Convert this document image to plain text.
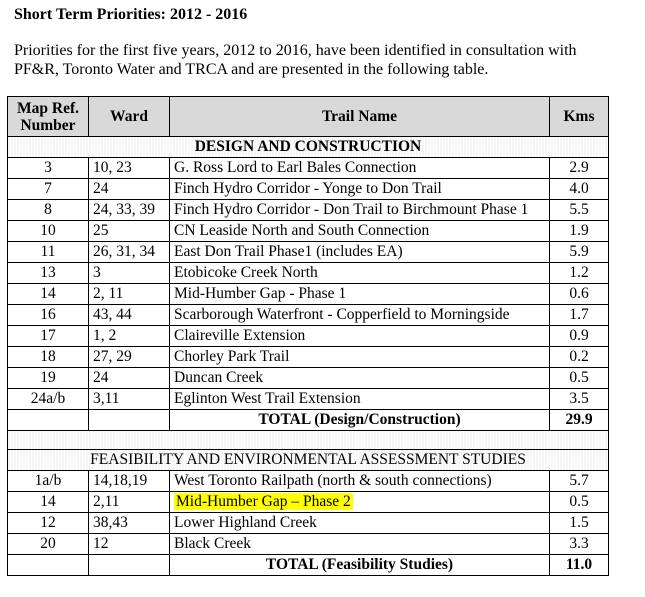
Short Term Priorities: 2012 - 2016
Priorities for the first five years, 2012 to 2016, have been identified in consultation with PF&R, Toronto Water and TRCA and are presented in the following table.
Map Ref. Number	Ward	Trail Name	Kms
DESIGN AND CONSTRUCTION			
3	10, 23	G. Ross Lord to Earl Bales Connection	2.9
7	24	Finch Hydro Corridor - Yonge to Don Trail	4.0
8	24, 33, 39	Finch Hydro Corridor - Don Trail to Birchmount Phase 1	5.5
10	25	CN Leaside North and South Connection	1.9
11	26, 31, 34	East Don Trail Phase1 (includes EA)	5.9
13	3	Etobicoke Creek North	1.2
14	2, 11	Mid-Humber Gap - Phase 1	0.6
16	43, 44	Scarborough Waterfront - Copperfield to Morningside	1.7
17	1, 2	Claireville Extension	0.9
18	27, 29	Chorley Park Trail	0.2
19	24	Duncan Creek	0.5
24a/b	3,11	Eglinton West Trail Extension	3.5
		TOTAL (Design/Construction)	29.9

FEASIBILITY AND ENVIRONMENTAL ASSESSMENT STUDIES			
1a/b	14,18,19	West Toronto Railpath (north & south connections)	5.7
14	2,11	Mid-Humber Gap – Phase 2	0.5
12	38,43	Lower Highland Creek	1.5
20	12	Black Creek	3.3
		TOTAL (Feasibility Studies)	11.0
